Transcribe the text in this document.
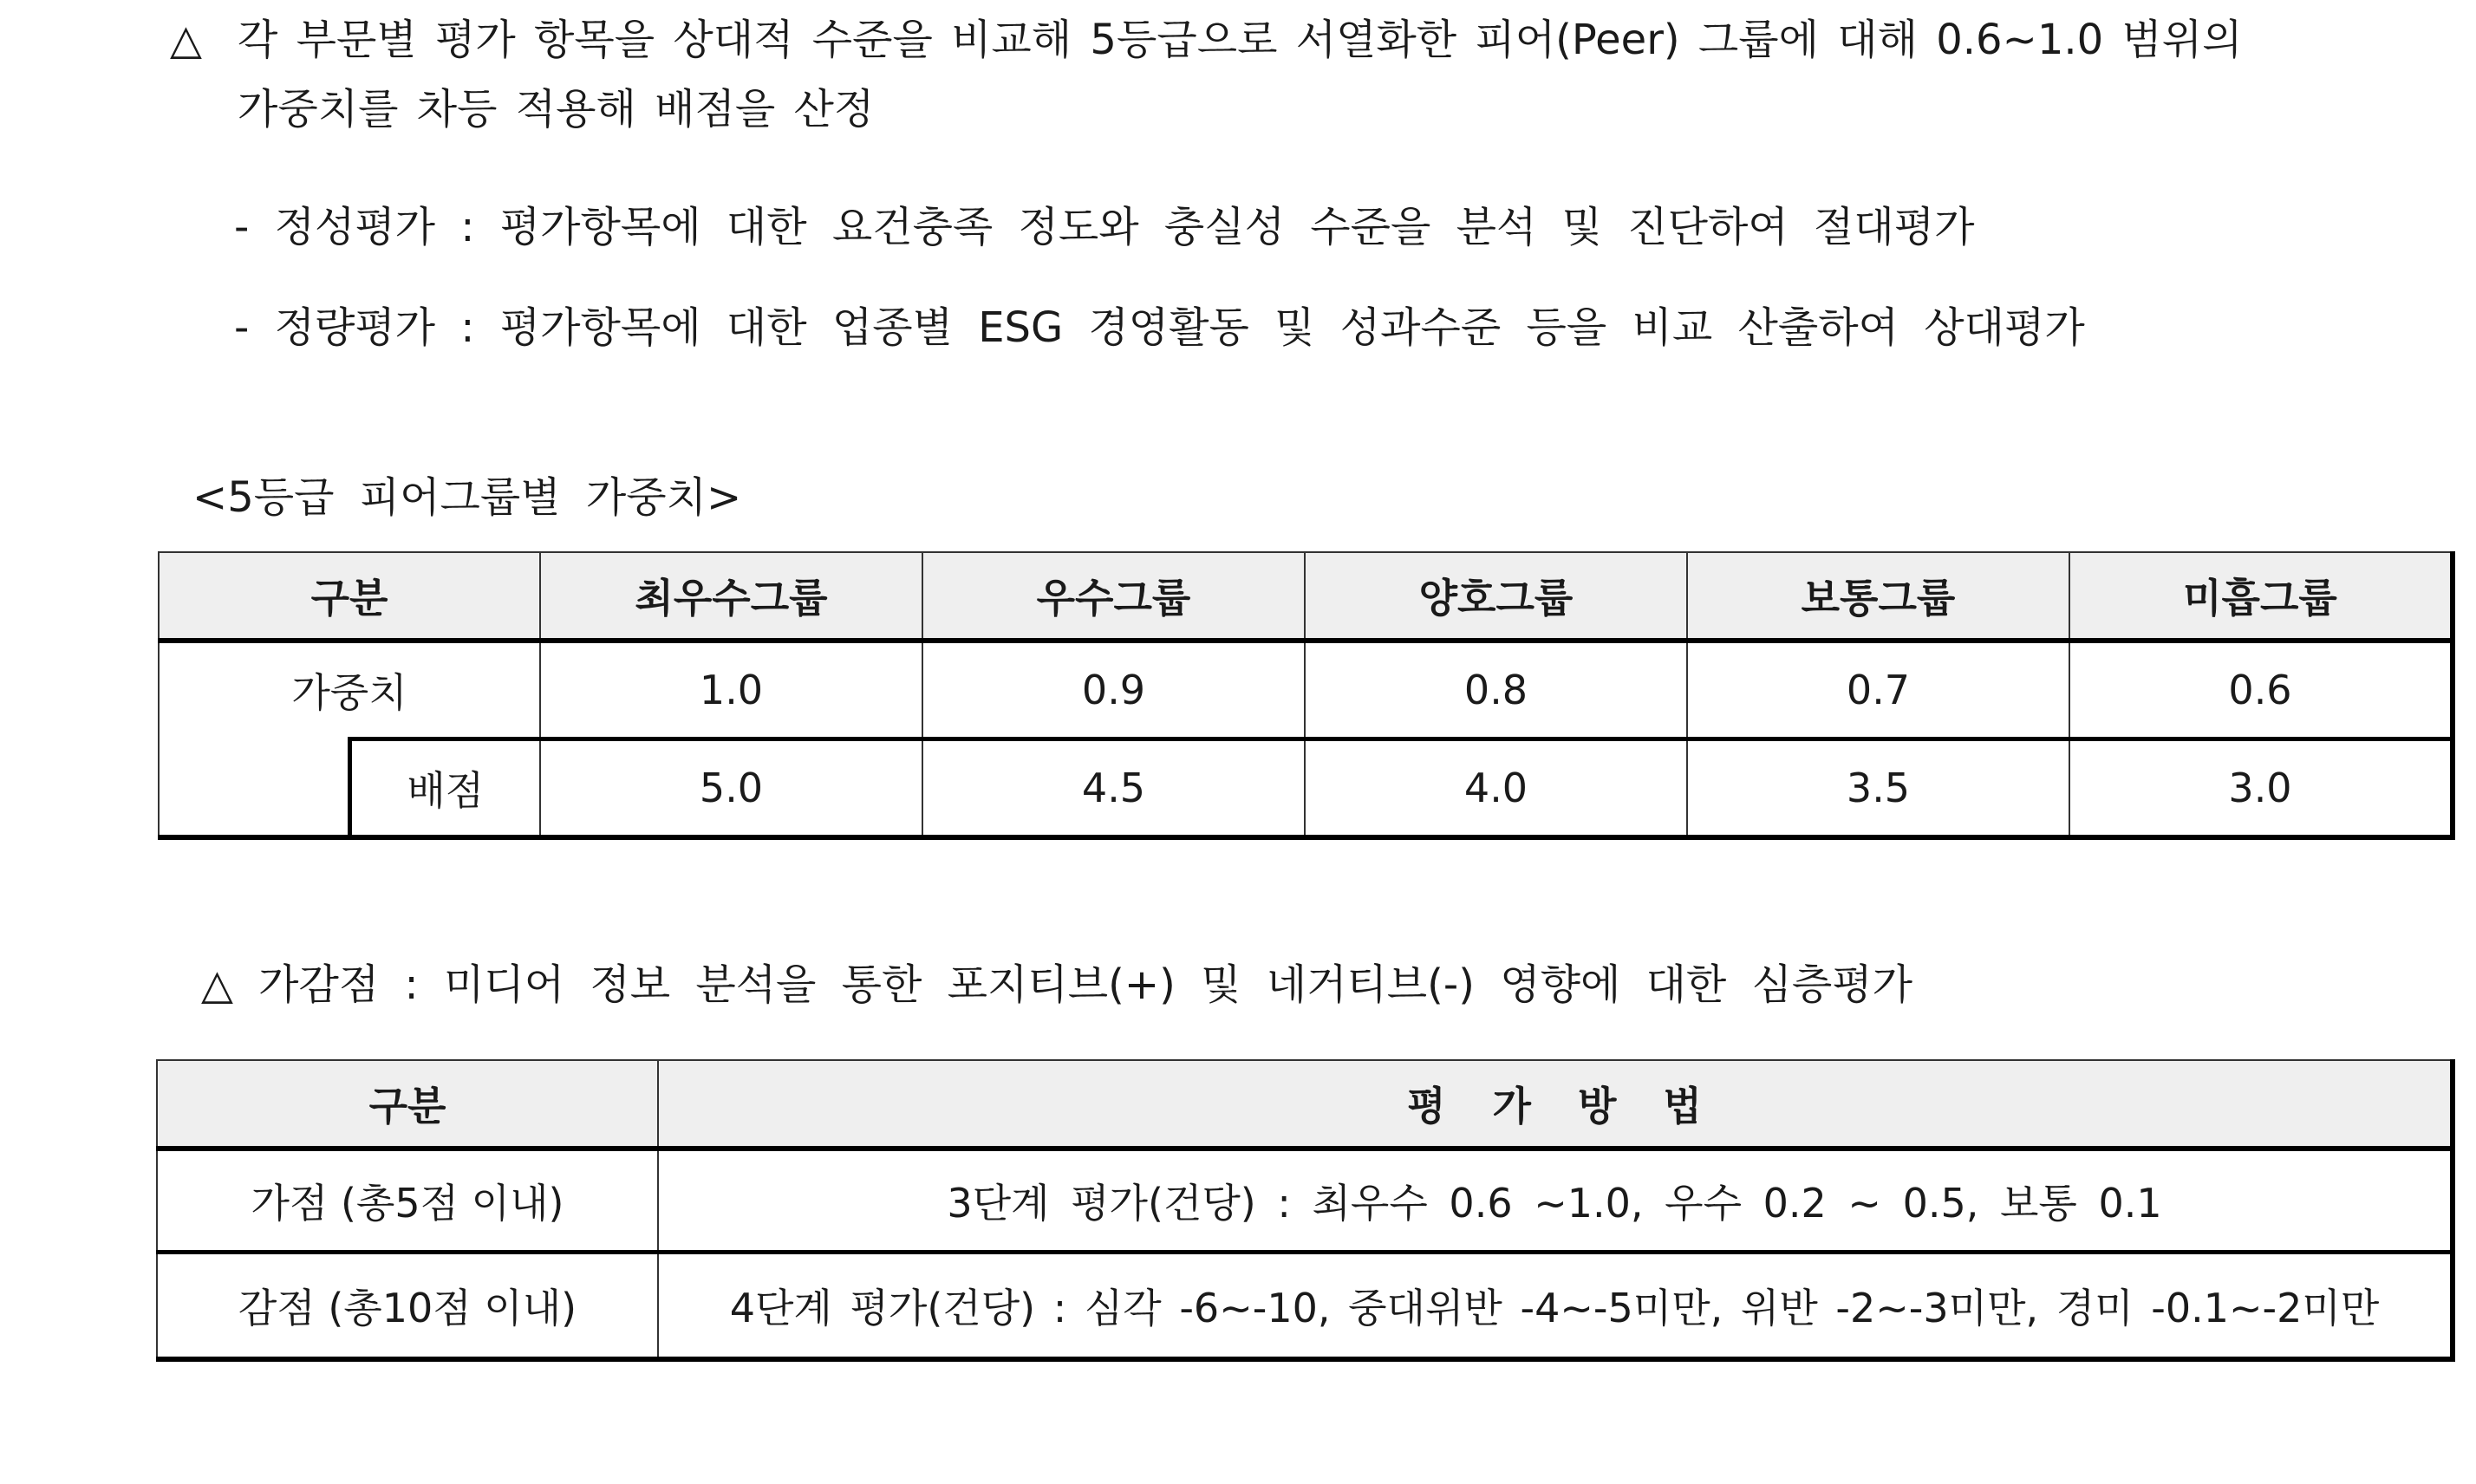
△ 각 부문별 평가 항목을 상대적 수준을 비교해 5등급으로 서열화한 피어(Peer) 그룹에 대해 0.6~1.0 범위의
가중치를 차등 적용해 배점을 산정
- 정성평가 : 평가항목에 대한 요건충족 정도와 충실성 수준을 분석 및 진단하여 절대평가
- 정량평가 : 평가항목에 대한 업종별 ESG 경영활동 및 성과수준 등을 비교 산출하여 상대평가
<5등급 피어그룹별 가중치>
구분		최우수그룹	우수그룹	양호그룹	보통그룹	미흡그룹
가중치		1.0	0.9	0.8	0.7	0.6
	배점	5.0	4.5	4.0	3.5	3.0
△ 가감점 : 미디어 정보 분석을 통한 포지티브(+) 및 네거티브(-) 영향에 대한 심층평가
구분	평가방법
가점 (총5점 이내)	3단계 평가(건당) : 최우수 0.6 ~1.0, 우수 0.2 ~ 0.5, 보통 0.1
감점 (총10점 이내)	4단계 평가(건당) : 심각 -6~-10, 중대위반 -4~-5미만, 위반 -2~-3미만, 경미 -0.1~-2미만
